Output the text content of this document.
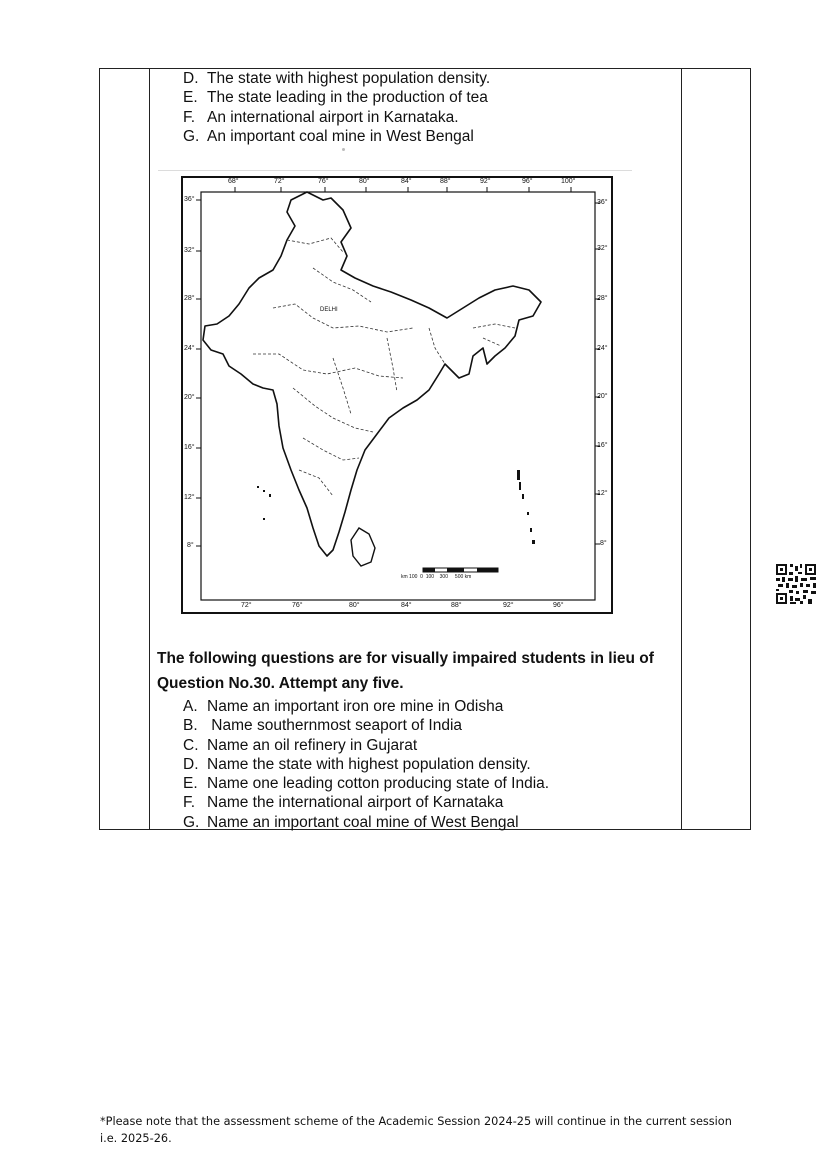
D. The state with highest population density.
E. The state leading in the production of tea
F. An international airport in Karnataka.
G. An important coal mine in West Bengal
68°	72°	76°	80°	84°	88°	92°	96°	100°
72°	76°	80°	84°	88°	92°	96°
36°
32°
28°
24°
20°
16°
12°
8°
36°
32°
28°
24°
20°
16°
12°
8°
DELHI
km 100  0  100    300     500 km
The following questions are for visually impaired students in lieu of Question No.30. Attempt any five.
A. Name an important iron ore mine in Odisha
B. Name southernmost seaport of India
C. Name an oil refinery in Gujarat
D. Name the state with highest population density.
E. Name one leading cotton producing state of India.
F. Name the international airport of Karnataka
G. Name an important coal mine of West Bengal
*Please note that the assessment scheme of the Academic Session 2024-25 will continue in the current session i.e. 2025-26.
